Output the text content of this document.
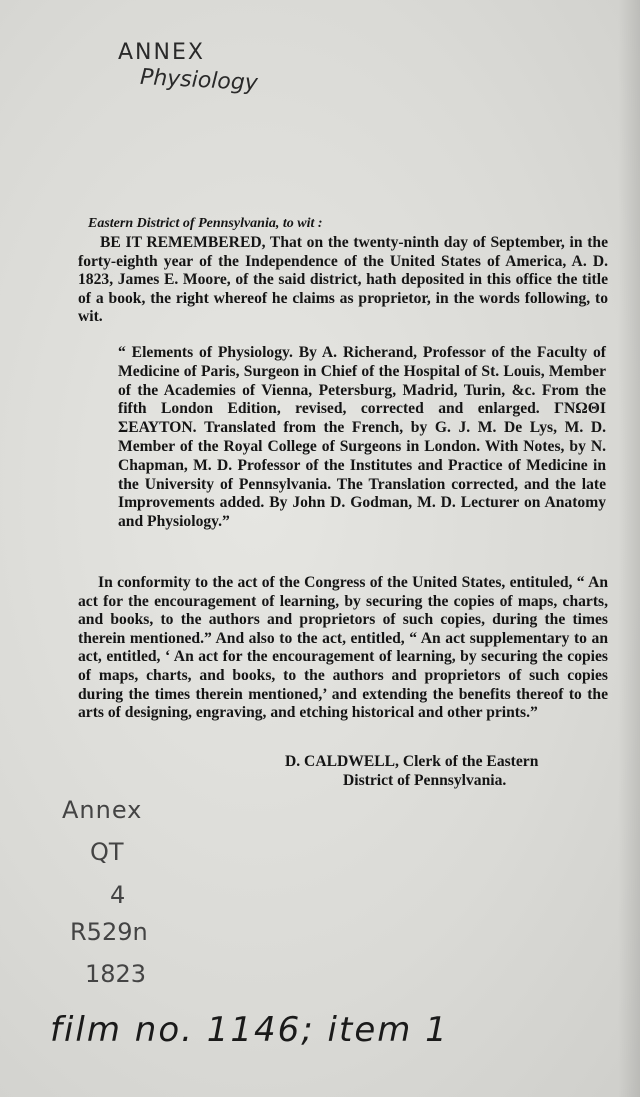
ANNEX
Physiology
Eastern District of Pennsylvania, to wit :
BE IT REMEMBERED, That on the twenty-ninth day of September, in the forty-eighth year of the Independence of the United States of America, A. D. 1823, James E. Moore, of the said district, hath deposited in this office the title of a book, the right whereof he claims as proprietor, in the words following, to wit.
“ Elements of Physiology. By A. Richerand, Professor of the Faculty of Medicine of Paris, Surgeon in Chief of the Hospital of St. Louis, Member of the Academies of Vienna, Petersburg, Madrid, Turin, &c. From the fifth London Edition, revised, corrected and enlarged. ΓΝΩΘΙ ΣΕΑΥΤΟΝ. Translated from the French, by G. J. M. De Lys, M. D. Member of the Royal College of Surgeons in London. With Notes, by N. Chapman, M. D. Professor of the Institutes and Practice of Medicine in the University of Pennsylvania. The Translation corrected, and the late Improvements added. By John D. Godman, M. D. Lecturer on Anatomy and Physiology.”
In conformity to the act of the Congress of the United States, entituled, “ An act for the encouragement of learning, by securing the copies of maps, charts, and books, to the authors and proprietors of such copies, during the times therein mentioned.” And also to the act, entitled, “ An act supplementary to an act, entitled, ‘ An act for the encouragement of learning, by securing the copies of maps, charts, and books, to the authors and proprietors of such copies during the times therein mentioned,’ and extending the benefits thereof to the arts of designing, engraving, and etching historical and other prints.”
D. CALDWELL, Clerk of the Eastern
District of Pennsylvania.
Annex
QT
4
R529n
1823
film no. 1146; item 1
